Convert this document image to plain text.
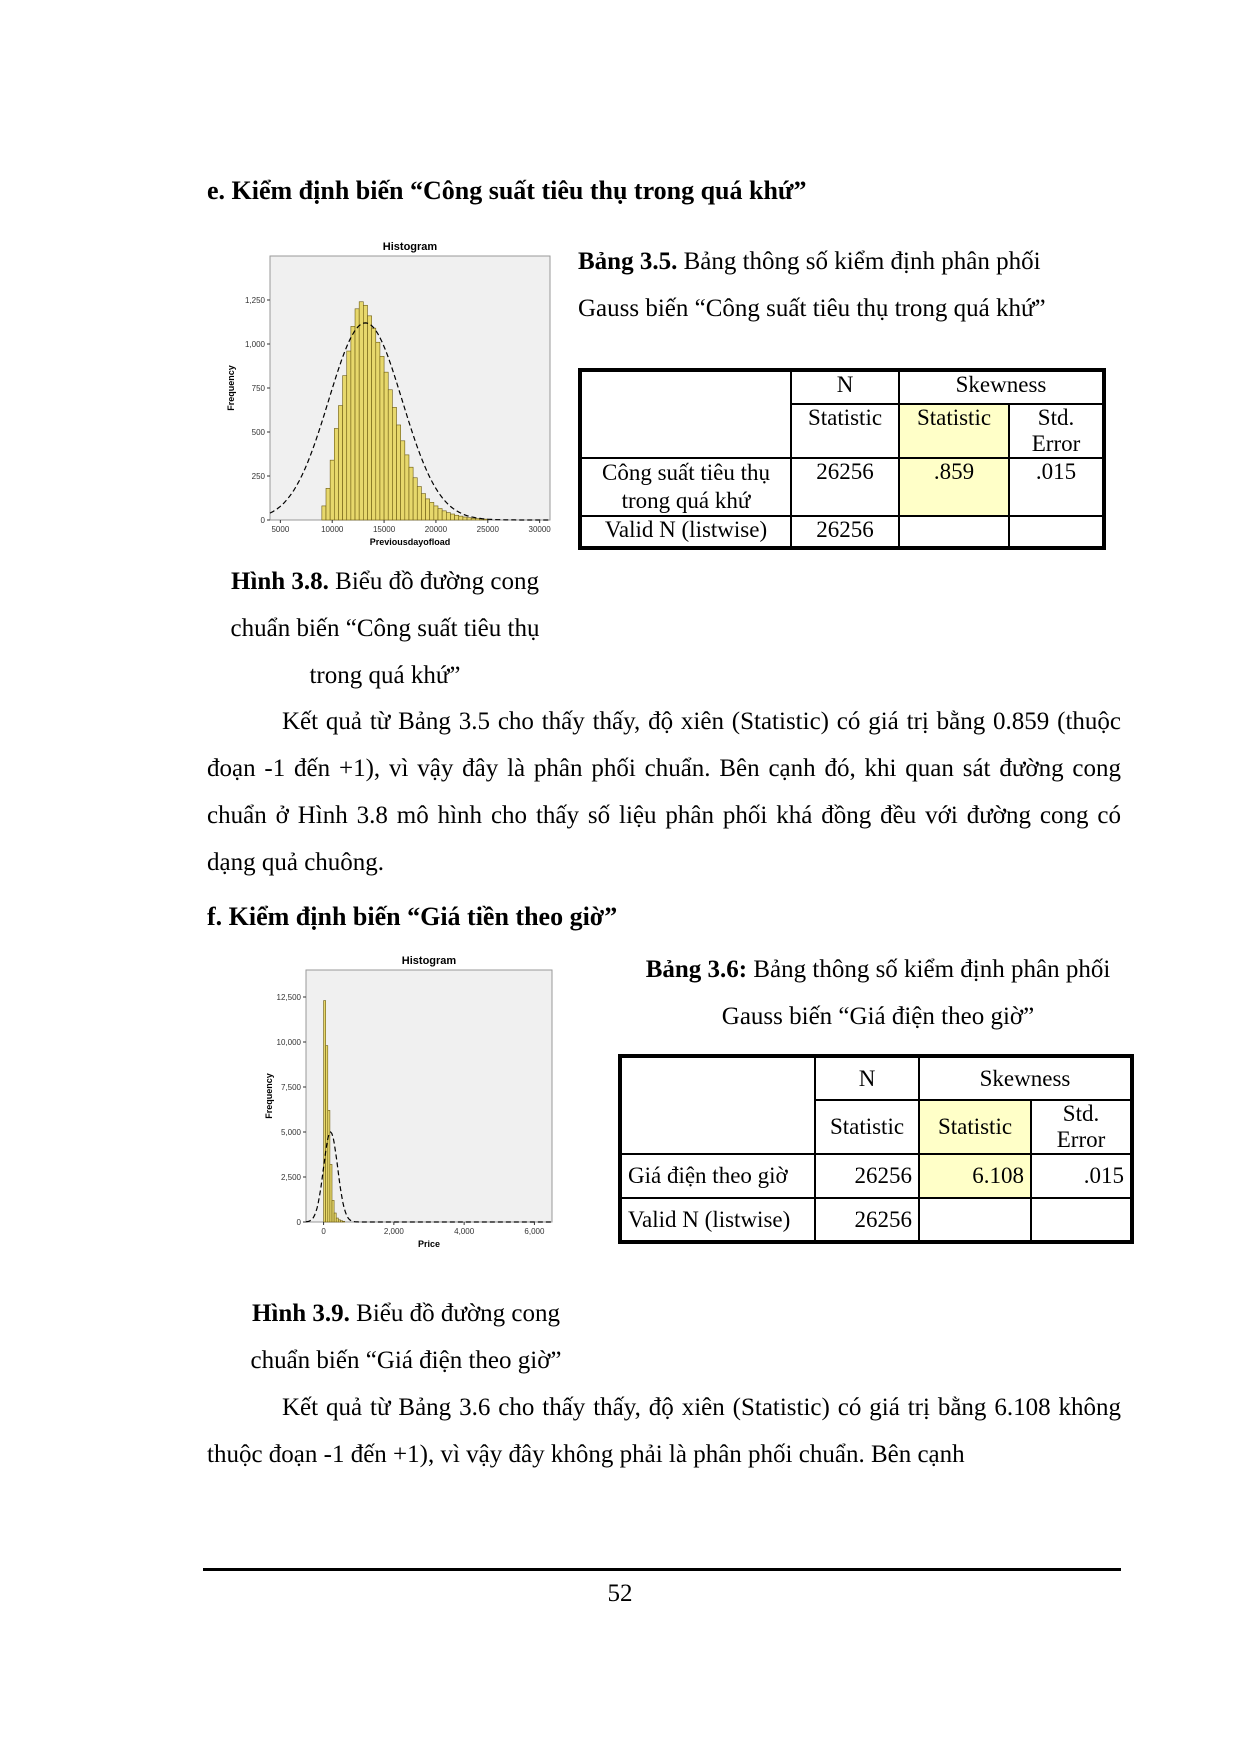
e. Kiểm định biến “Công suất tiêu thụ trong quá khứ”
Histogram
5000	10000	15000	20000	25000	30000
0
250
500
750
1,000
1,250
Previousdayofload
Frequency
Bảng 3.5. Bảng thông số kiểm định phân phối Gauss biến “Công suất tiêu thụ trong quá khứ”
	N	Skewness	
	Statistic	Statistic	Std. Error
Công suất tiêu thụ trong quá khứ	26256	.859	.015
Valid N (listwise)	26256		
Hình 3.8. Biểu đồ đường cong chuẩn biến “Công suất tiêu thụ trong quá khứ”
Kết quả từ Bảng 3.5 cho thấy thấy, độ xiên (Statistic) có giá trị bằng 0.859 (thuộc đoạn -1 đến +1), vì vậy đây là phân phối chuẩn. Bên cạnh đó, khi quan sát đường cong chuẩn ở Hình 3.8 mô hình cho thấy số liệu phân phối khá đồng đều với đường cong có dạng quả chuông.
f. Kiểm định biến “Giá tiền theo giờ”
Histogram
0	2,000	4,000	6,000
0
2,500
5,000
7,500
10,000
12,500
Price
Frequency
Bảng 3.6: Bảng thông số kiểm định phân phối Gauss biến “Giá điện theo giờ”
	N	Skewness	
	Statistic	Statistic	Std. Error
Giá điện theo giờ	26256	6.108	.015
Valid N (listwise)	26256		
Hình 3.9. Biểu đồ đường cong chuẩn biến “Giá điện theo giờ”
Kết quả từ Bảng 3.6 cho thấy thấy, độ xiên (Statistic) có giá trị bằng 6.108 không thuộc đoạn -1 đến +1), vì vậy đây không phải là phân phối chuẩn. Bên cạnh
52
